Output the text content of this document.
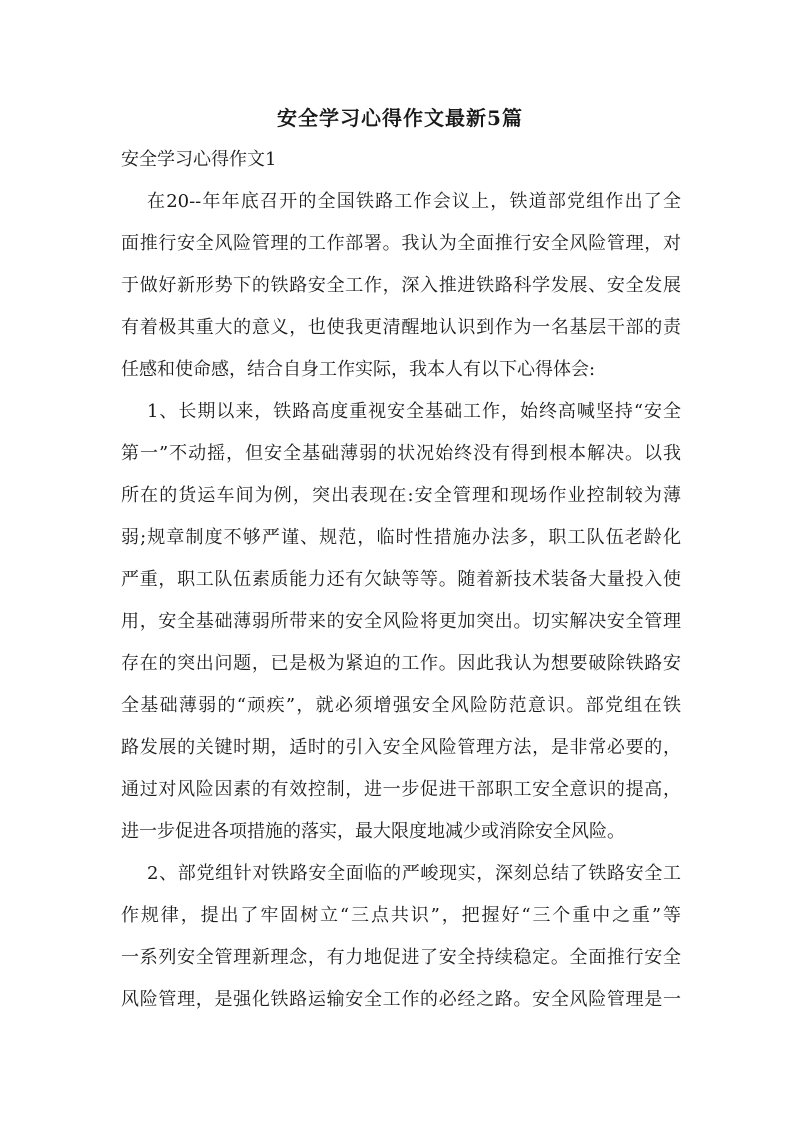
安全学习心得作文最新5篇
安全学习心得作文1
在20--年年底召开的全国铁路工作会议上，铁道部党组作出了全
面推行安全风险管理的工作部署。我认为全面推行安全风险管理，对
于做好新形势下的铁路安全工作，深入推进铁路科学发展、安全发展
有着极其重大的意义，也使我更清醒地认识到作为一名基层干部的责
任感和使命感，结合自身工作实际，我本人有以下心得体会:
1、长期以来，铁路高度重视安全基础工作，始终高喊坚持“安全
第一”不动摇，但安全基础薄弱的状况始终没有得到根本解决。以我
所在的货运车间为例，突出表现在:安全管理和现场作业控制较为薄
弱;规章制度不够严谨、规范，临时性措施办法多，职工队伍老龄化
严重，职工队伍素质能力还有欠缺等等。随着新技术装备大量投入使
用，安全基础薄弱所带来的安全风险将更加突出。切实解决安全管理
存在的突出问题，已是极为紧迫的工作。因此我认为想要破除铁路安
全基础薄弱的“顽疾”，就必须增强安全风险防范意识。部党组在铁
路发展的关键时期，适时的引入安全风险管理方法，是非常必要的，
通过对风险因素的有效控制，进一步促进干部职工安全意识的提高，
进一步促进各项措施的落实，最大限度地减少或消除安全风险。
2、部党组针对铁路安全面临的严峻现实，深刻总结了铁路安全工
作规律，提出了牢固树立“三点共识”，把握好“三个重中之重”等
一系列安全管理新理念，有力地促进了安全持续稳定。全面推行安全
风险管理，是强化铁路运输安全工作的必经之路。安全风险管理是一
